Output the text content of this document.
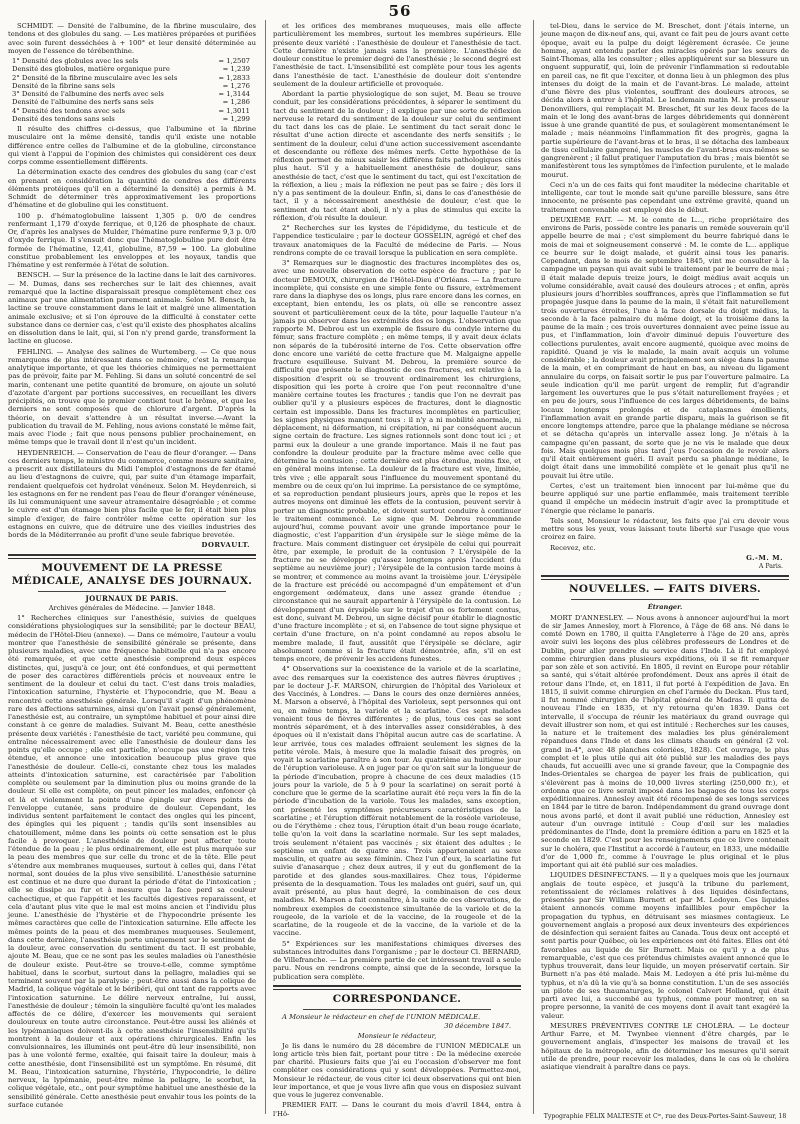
56

SCHMIDT. — Densité de l'albumine, de la fibrine musculaire, des tendons et des globules du sang. — Les matières préparées et purifiées avec soin furent desséchées à + 100° et leur densité déterminée au moyen de l'essence de térébenthine.

1° Densité des globules avec les sels	= 1,2507
Densité des globules, matière organique pure	= 1,239
2° Densité de la fibrine musculaire avec les sels	= 1,2833
Densité de la fibrine sans sels	= 1,276
3° Densité de l'albumine des nerfs avec sels	= 1,3144
Densité de l'albumine des nerfs sans sels	= 1,286
4° Densité des tendons avec sels	= 1,3011
Densité des tendons sans sels	= 1,299

Il résulte des chiffres ci-dessus, que l'albumine et la fibrine musculaire ont la même densité, tandis qu'il existe une notable différence entre celles de l'albumine et de la globuline, circonstance qui vient à l'appui de l'opinion des chimistes qui considèrent ces deux corps comme essentiellement différents.

La détermination exacte des cendres des globules du sang (car c'est en prenant en considération la quantité de cendres des différents éléments protéiques qu'il en a déterminé la densité) a permis à M. Schmidt de déterminer très approximativement les proportions d'hématine et de globuline qui les constituent.

100 p. d'hématoglobuline laissent 1,305 p. 0/0 de cendres renfermant 1,179 d'oxyde ferrique, et 0,126 de phosphate de chaux. Or, d'après les analyses de Mulder, l'hématine pure renferme 9,3 p. 0/0 d'oxyde ferrique. Il s'ensuit donc que l'hématoglobuline pure doit être formée de l'hématine, 12,41, globuline, 87,59 = 100. La globuline constitue probablement les enveloppes et les noyaux, tandis que l'hématine y est renfermée à l'état de solution.

BENSCH. — Sur la présence de la lactine dans le lait des carnivores. — M. Dumas, dans ses recherches sur le lait des chiennes, avait remarqué que la lactine disparaissait presque complètement chez ces animaux par une alimentation purement animale. Selon M. Bensch, la lactine se trouve constamment dans le lait et malgré une alimentation animale exclusive; et si l'on éprouve de la difficulté à constater cette substance dans ce dernier cas, c'est qu'il existe des phosphates alcalins en dissolution dans le lait, qui, si l'on n'y prend garde, transforment la lactine en glucose.

FEHLING. — Analyse des salines de Wurtemberg. — Ce que nous remarquons de plus intéressant dans ce mémoire, c'est la remarque analytique importante, et que les théories chimiques ne permettaient pas de prévoir, faite par M. Fehling. Si dans un soluté concentré de sel marin, contenant une petite quantité de bromure, on ajoute un soluté d'azotate d'argent par portions successives, en recueillant les divers précipités, on trouve que le premier contient tout le brôme, et que les derniers ne sont composés que de chlorure d'argent. D'après la théorie, on devait s'attendre à un résultat inverse.—Avant la publication du travail de M. Fehling, nous avions constaté le même fait, mais avec l'iode ; fait que nous pensons publier prochainement, en même temps que le travail dont il n'est qu'un incident.

HEYDENREICH. — Conservation de l'eau de fleur d'oranger. — Dans ces derniers temps, le ministre du commerce, comme mesure sanitaire, a prescrit aux distillateurs du Midi l'emploi d'estagnons de fer étamé au lieu d'estagnons de cuivre, qui, par suite d'un étamage imparfait, rendaient quelquefois cet hydrolat vénéneux. Selon M. Heydenreich, si les estagnons en fer ne rendent pas l'eau de fleur d'oranger vénéneuse, ils lui communiquent une saveur atramentaire désagréable ; et comme le cuivre est d'un étamage bien plus facile que le fer, il était bien plus simple d'exiger, de faire contrôler même cette opération sur les estagnons en cuivre, que de détruire une des vieilles industries des bords de la Méditerranée au profit d'une seule fabrique brevetée.

DORVAULT.
MOUVEMENT DE LA PRESSE MÉDICALE, ANALYSE DES JOURNAUX.
JOURNAUX DE PARIS.
Archives générales de Médecine. — Janvier 1848.

1° Recherches cliniques sur l'anesthésie, suivies de quelques considérations physiologiques sur la sensibilité; par le docteur BEAU, médecin de l'Hôtel-Dieu (annexe). — Dans ce mémoire, l'auteur a voulu montrer que l'anesthésie de sensibilité générale se présente, dans plusieurs maladies, avec une fréquence habituelle qui n'a pas encore été remarquée, et que cette anesthésie comprend deux espèces distinctes, qui, jusqu'à ce jour, ont été confondues, et qui permettent de poser des caractères différentiels précis et nouveaux entre le sentiment de la douleur et celui du tact. C'est dans trois maladies, l'intoxication saturnine, l'hystérie et l'hypocondrie, que M. Beau a rencontré cette anesthésie générale. Lorsqu'il s'agit d'un phénomène rare des affections saturnines, ainsi qu'on l'avait pensé généralement, l'anesthésie est, au contraire, un symptôme habituel et pour ainsi dire constant à ce genre de maladies. Suivant M. Beau, cette anesthésie présente deux variétés : l'anesthésie de tact, variété peu commune, qui entraîne nécessairement avec elle l'anesthésie de douleur dans les points qu'elle occupe ; elle est partielle, n'occupe pas une région très étendue, et annonce une intoxication beaucoup plus grave que l'anesthésie de douleur. Celle-ci, constante chez tous les malades atteints d'intoxication saturnine, est caractérisée par l'abolition complète ou seulement par la diminution plus ou moins grande de la douleur. Si elle est complète, on peut pincer les malades, enfoncer çà et là et violemment la pointe d'une épingle sur divers points de l'enveloppe cutanée, sans produire de douleur. Cependant, les individus sentent parfaitement le contact des ongles qui les pincent, des épingles qui les piquent ; tandis qu'ils sont insensibles au chatouillement, même dans les points où cette sensation est le plus facile à provoquer. L'anesthésie de douleur peut affecter toute l'étendue de la peau ; le plus ordinairement, elle est plus marquée sur la peau des membres que sur celle du tronc et de la tête. Elle peut s'étendre aux membranes muqueuses, surtout à celles qui, dans l'état normal, sont douées de la plus vive sensibilité. L'anesthésie saturnine est continue et ne dure que durant la période d'état de l'intoxication ; elle se dissipe au fur et à mesure que la face perd sa couleur cachectique, et que l'appétit et les facultés digestives reparaissent, et cela d'autant plus vite que le mal est moins ancien et l'individu plus jeune. L'anesthésie de l'hystérie et de l'hypocondrie présente les mêmes caractères que celle de l'intoxication saturnine. Elle affecte les mêmes points de la peau et des membranes muqueuses. Seulement, dans cette dernière, l'anesthésie porte uniquement sur le sentiment de la douleur, avec conservation du sentiment du tact. Il est probable, ajoute M. Beau, que ce ne sont pas les seules maladies où l'anesthésie de douleur existe. Peut-être se trouve-t-elle, comme symptôme habituel, dans le scorbut, surtout dans la pellagre, maladies qui se terminent souvent par la paralysie ; peut-être aussi dans la colique de Madrid, la colique végétale et le béribéri, qui ont tant de rapports avec l'intoxication saturnine. Le délire nerveux entraîne, lui aussi, l'anesthésie de douleur ; témoin la singulière faculté qu'ont les malades affectés de ce délire, d'exercer les mouvements qui seraient douloureux en toute autre circonstance. Peut-être aussi les aliénés et les lypémaniaques doivent-ils à cette anesthésie l'insensibilité qu'ils montrent à la douleur et aux opérations chirurgicales. Enfin les convulsionnaires, les illuminés ont peut-être dû leur insensibilité, non pas à une volonté ferme, exaltée, qui faisait taire la douleur, mais à cette anesthésie, dont l'insensibilité est un symptôme. En résumé, dit M. Beau, l'intoxication saturnine, l'hystérie, l'hypocondrie, le délire nerveux, la lypémanie, peut-être même la pellagre, le scorbut, la colique végétale, etc., ont pour symptôme habituel une anesthésie de la sensibilité générale. Cette anesthésie peut envahir tous les points de la surface cutanée

et les orifices des membranes muqueuses, mais elle affecte particulièrement les membres, surtout les membres supérieurs. Elle présente deux variété : l'anesthésie de douleur et l'anesthésie de tact. Cette dernière n'existe jamais sans la première. L'anesthésie de douleur constitue le premier degré de l'anesthésie ; le second degré est l'anesthésie de tact. L'insensibilité est complète pour tous les agents dans l'anesthésie de tact. L'anesthésie de douleur doit s'entendre seulement de la douleur artificielle et provoquée.

Abordant la partie physiologique de son sujet, M. Beau se trouve conduit, par les considérations précédentes, à séparer le sentiment du tact du sentiment de la douleur ; il explique par une sorte de réflexion nerveuse le retard du sentiment de la douleur sur celui du sentiment du tact dans les cas de plaie. Le sentiment du tact serait donc le résultat d'une action directe et ascendante des nerfs sensitifs ; le sentiment de la douleur, celui d'une action successivement ascendante et descendante ou réflexe des mêmes nerfs. Cette hypothèse de la réflexion permet de mieux saisir les différens faits pathologiques cités plus haut. S'il y a habituellement anesthésie de douleur, sans anesthésie de tact, c'est que le sentiment du tact, qui est l'excitation de la réflexion, a lieu ; mais la réflexion ne peut pas se faire ; dès lors il n'y a pas sentiment de la douleur. Enfin, si, dans le cas d'anesthésie de tact, il y a nécessairement anesthésie de douleur, c'est que le sentiment du tact étant aboli, il n'y a plus de stimulus qui excite la réflexion, d'où résulte la douleur.

2° Recherches sur les kystes de l'épididyme, du testicule et de l'appendice testiculaire ; par le docteur GOSSELIN, agrégé et chef des travaux anatomiques de la Faculté de médecine de Paris. — Nous rendrons compte de ce travail lorsque la publication en sera complète.

3° Remarques sur le diagnostic des fractures incomplètes des os, avec une nouvelle observation de cette espèce de fracture ; par le docteur DEMOUX, chirurgien de l'Hôtel-Dieu d'Orléans. — La fracture incomplète, qui consiste en une simple fente ou fissure, extrêmement rare dans la diaphyse des os longs, plus rare encore dans les cornes, en exceptant, bien entendu, les os plats, où elle se rencontre assez souvent et particulièrement ceux de la tête, pour laquelle l'auteur n'a jamais pu observer dans les extrémités des os longs. L'observation que rapporte M. Debrou est un exemple de fissure du condyle interne du fémur, sans fracture complète ; en même temps, il y avait deux éclats non séparés de la tubérosité interne de l'os. Cette observation offre donc encore une variété de cette fracture que M. Malgaigne appelle fracture esquilleuse. Suivant M. Debrou, la première source de difficulté que présente le diagnostic de ces fractures, est relative à la disposition d'esprit où se trouvent ordinairement les chirurgiens, disposition qui les porte à croire que l'on peut reconnaître d'une manière certaine toutes les fractures ; tandis que l'on ne devrait pas oublier qu'il y a plusieurs espèces de fractures, dont le diagnostic certain est impossible. Dans les fractures incomplètes en particulier, les signes physiques manquent tous : il n'y a ni mobilité anormale, ni déplacement, ni déformation, ni crépitation, ni par conséquent aucun signe certain de fracture. Les signes rationnels sont donc tout ici ; et parmi eux la douleur a une grande importance. Mais il ne faut pas confondre la douleur produite par la fracture même avec celle que détermine la contusion ; cette dernière est plus étendue, moins fixe, et en général moins intense. La douleur de la fracture est vive, limitée, très vive ; elle apparaît sous l'influence du mouvement spontané du membre ou de ceux qu'on lui imprime. La persistance de ce symptôme, et sa reproduction pendant plusieurs jours, après que le repos et les autres moyens ont diminué les effets de la contusion, peuvent servir à porter un diagnostic probable, et doivent surtout conduire à continuer le traitement commencé. Le signe que M. Debrou recommande aujourd'hui, comme pouvant avoir une grande importance pour le diagnostic, c'est l'apparition d'un érysipèle sur le siège même de la fracture. Mais comment distinguer cet érysipèle de celui qui pourrait être, par exemple, le produit de la contusion ? L'érysipèle de la fracture ne se développe qu'assez longtemps après l'accident (du septième au neuvième jour) ; l'érysipèle de la contusion tarde moins à se montrer, et commence au moins avant la troisième jour. L'érysipèle de la fracture est précédé ou accompagné d'un empâtement et d'un engorgement œdémateux, dans une assez grande étendue ; circonstance qui ne saurait appartenir à l'érysipèle de la contusion. Le développement d'un érysipèle sur le trajet d'un os fortement contus, est donc, suivant M. Debrou, un signe décisif pour établir le diagnostic d'une fracture incomplète ; et si, en l'absence de tout signe physique et certain d'une fracture, on n'a point condamné au repos absolu le membre malade, il faut, aussitôt que l'érysipèle se déclare, agir absolument comme si la fracture était démontrée, afin, s'il en est temps encore, de prévenir les accidens funestes.

4° Observations sur la coexistence de la variole et de la scarlatine, avec des remarques sur la coexistence des autres fièvres éruptives ; par le docteur J.-F. MARSON, chirurgien de l'hôpital des Varioleux et des Vaccinés, à Londres. — Dans le cours des onze dernières années, M. Marson a observé, à l'hôpital des Varioleux, sept personnes qui ont eu, en même temps, la variole et la scarlatine. Ces sept malades venaient tous de fièvres différentes ; de plus, tous ces cas se sont montrés séparément, et à des intervalles assez considérables, à des époques où il n'existait dans l'hôpital aucun autre cas de scarlatine. À leur arrivée, tous ces malades offraient seulement les signes de la petite vérole. Mais, à mesure que la maladie faisait des progrès, on voyait la scarlatine paraître à son tour. Au quatrième au huitième jour de l'éruption varioleuse. À en juger par ce qu'on sait sur la longueur de la période d'incubation, propre à chacune de ces deux maladies (15 jours pour la variole, de 5 à 9 pour la scarlatine) on serait porté à conclure que le germe de la scarlatine aurait été reçu vers la fin de la période d'incubation de la variole. Tous les malades, sans exception, ont présenté les symptômes précurseurs caractéristiques de la scarlatine ; et l'éruption différait notablement de la roséole varioleuse, ou de l'érythème : chez tous, l'éruption était d'un beau rouge écarlate, telle qu'on la voit dans la scarlatine normale. Sur les sept malades, trois seulement n'étaient pas vaccinés ; six étaient des adultes ; le septième un enfant de quatre ans. Trois appartenaient au sexe masculin, et quatre au sexe féminin. Chez l'un d'eux, la scarlatine fut suivie d'anasarque ; chez deux autres, il y eut du gonflement de la parotide et des glandes sous-maxillaires. Chez tous, l'épiderme présenta de la desquamation. Tous les malades ont guéri, sauf un, qui avait présenté, au plus haut degré, la combinaison de ces deux maladies. M. Marson a fait connaître, à la suite de ces observations, de nombreux exemples de coexistence simultanée de la variole et de la rougeole, de la variole et de la vaccine, de la rougeole et de la scarlatine, de la rougeole et de la vaccine, de la variole et de la vaccine.

5° Expériences sur les manifestations chimiques diverses des substances introduites dans l'organisme ; par le docteur Cl. BERNARD, de Villefranche. — La première partie de cet intéressant travail a seule paru. Nous en rendrons compte, ainsi que de la seconde, lorsque la publication sera complète.

CORRESPONDANCE.
A Monsieur le rédacteur en chef de l'UNION MÉDICALE.
30 décembre 1847.
Monsieur le rédacteur,

Je lis dans le numéro du 28 décembre de l'UNION MÉDICALE un long article très bien fait, portant pour titre : De la médecine exercée par charité. Plusieurs faits que j'ai eu l'occasion d'observer me font compléter ces considérations qui y sont développées. Permettez-moi, Monsieur le rédacteur, de vous citer ici deux observations qui ont bien leur importance, et que je vous livre afin que vous en disposiez suivant que vous le jugerez convenable.

PREMIER FAIT. — Dans le courant du mois d'avril 1844, entra à l'Hô-

tel-Dieu, dans le service de M. Breschet, dont j'étais interne, un jeune maçon de dix-neuf ans, qui, avant ce fait peu de jours avant cette époque, avait eu la pulpe du doigt légèrement écrasée. Ce jeune homme, ayant entendu parler des miracles opérés par les sœurs de Saint-Thomas, alla les consulter ; elles appliquèrent sur sa blessure un onguent suppuratif, qui, loin de prévenir l'inflammation si redoutable en pareil cas, ne fit que l'exciter, et donna lieu à un phlegmon des plus intenses du doigt de la main et de l'avant-bras. Le malade, atteint d'une fièvre des plus violentes, souffrant des douleurs atroces, se décida alors à entrer à l'hôpital. Le lendemain matin M. le professeur Denonvilliers, qui remplaçait M. Breschet, fit sur les deux faces de la main et le long des avant-bras de larges débridements qui donnèrent issue à une grande quantité de pus, et soulagèrent momentanément le malade ; mais néanmoins l'inflammation fit des progrès, gagna la partie supérieure de l'avant-bras et le bras, il se détacha des lambeaux de tissu cellulaire gangrené, les muscles de l'avant-bras eux-mêmes se gangrenèrent ; il fallut pratiquer l'amputation du bras ; mais bientôt se manifestèrent tous les symptômes de l'infection purulente, et le malade mourut.

Ceci n'a un de ces faits qui font mauditer la médecine charitable et intelligente, car tout le monde sait qu'une pareille blessure, sans être innocente, ne présente pas cependant une extrême gravité, quand un traitement convenable est employé dès le début.

DEUXIÈME FAIT. — M. le comte de L..., riche propriétaire des environs de Paris, possède contre les panaris un remède souverain qu'il appelle beurre de mai ; c'est simplement du beurre fabriqué dans le mois de mai et soigneusement conservé : M. le comte de L... applique ce beurre sur le doigt malade, et guérit ainsi tous les panaris. Cependant, dans le mois de septembre 1845, vint me consulter à la campagne un paysan qui avait subi le traitement par le beurre de mai ; il était malade depuis treize jours, le doigt médius avait acquis un volume considérable, avait causé des douleurs atroces ; et enfin, après plusieurs jours d'horribles souffrances, après que l'inflammation se fut propagée jusque dans la paume de la main, il s'était fait naturellement trois ouvertures étroites, l'une à la face dorsale du doigt médius, la seconde à la face palmaire du même doigt, et la troisième dans la paume de la main ; ces trois ouvertures donnaient avec peine issue au pus, et l'inflammation, loin d'avoir diminué depuis l'ouverture des collections purulentes, avait encore augmenté, quoique avec moins de rapidité. Quand je vis le malade, la main avait acquis un volume considérable ; la douleur avait principalement son siège dans la paume de la main, et en comprimant de haut en bas, au niveau du ligament annulaire du corps, on faisait sortir le pus par l'ouverture palmaire. La seule indication qu'il me parût urgent de remplir, fut d'agrandir largement les ouvertures que le pus s'était naturellement frayées ; et en peu de jours, sous l'influence de ces larges débridements, de bains locaux longtemps prolongés et de cataplasmes émollients, l'inflammation avait en grande partie disparu, mais la guérison se fit encore longtemps attendre, parce que la phalange médiane se nécrosa et se détacha qu'après un intervalle assez long. Je n'étais à la campagne qu'en passant, de sorte que je ne vis le malade que deux fois. Mais quelques mois plus tard j'eus l'occasion de le revoir alors qu'il était entièrement guéri. Il avait perdu sa phalange médiane, le doigt était dans une immobilité complète et le genait plus qu'il ne pouvait lui être utile.

Certes, c'est un traitement bien innocent par lui-même que du beurre appliqué sur une partie enflammée, mais traitement terrible quand il empêche un médecin instruit d'agir avec la promptitude et l'énergie que réclame le panaris.

Tels sont, Monsieur le rédacteur, les faits que j'ai cru devoir vous mettre sous les yeux, vous laissant toute liberté sur l'usage que vous croirez en faire.

Recevez, etc.

G.-M. M.
A Paris.
NOUVELLES. — FAITS DIVERS.
Étranger.

MORT D'ANNESLEY. — Nous avons à annoncer aujourd'hui la mort de sir James Annesley, mort à Florence, à l'âge de 68 ans. Né dans le comté Down en 1780, il quitta l'Angleterre à l'âge de 20 ans, après avoir suivi les leçons des plus célèbres professeurs de Londres et de Dublin, pour aller prendre du service dans l'Inde. Là il fut employé comme chirurgien dans plusieurs expéditions, où il se fit remarquer par son zèle et son activité. En 1805, il revint en Europe pour rétablir sa santé, qui s'était altérée profondément. Deux ans après il était de retour dans l'Inde, et, en 1811, il fut porté à l'expédition de Java. En 1815, il suivit comme chirurgien en chef l'armée du Deckan. Plus tard, il fut nommé chirurgien de l'hôpital général de Madras. Il quitta de nouveau l'Inde en 1835, et n'y retourna qu'en 1839. Dans cet intervalle, il s'occupa de réunir les matériaux du grand ouvrage qui devait illustrer son nom, et qui est intitulé : Recherches sur les causes, la nature et le traitement des maladies les plus généralement répandues dans l'Inde et dans les climats chauds en général (2 vol. grand in-4°, avec 48 planches coloriées, 1828). Cet ouvrage, le plus complet et le plus utile qui ait été publié sur les maladies des pays chauds, fut accueilli avec une si grande faveur, que la Compagnie des Indes-Orientales se chargea de payer les frais de publication, qui s'élevèrent pas à moins de 10,000 livres sterling (250,000 fr.), et ordonna que ce livre serait imposé dans les bagages de tous les corps expéditionnaires. Annesley avait été récompensé de ses longs services en 1844 par le titre de baron. Indépendamment du grand ouvrage dont nous avons parlé, et dont il avait publié une réduction, Annesley est auteur d'un ouvrage intitulé : Coup d'œil sur les maladies prédominantes de l'Inde, dont la première édition a paru en 1825 et la seconde en 1829. C'est pour les renseignements que ce livre contenait sur le choléra, que l'Institut a accordé à l'auteur, en 1833, une médaille d'or de 1,000 fr., comme à l'ouvrage le plus original et le plus important qui ait été publié sur ces maladies.

LIQUIDES DÉSINFECTANS. — Il y a quelques mois que les journaux anglais de toute espèce, et jusqu'à la tribune du parlement, retentissaient de réclames relatives à des liquides désinfectans, présentés par Sir William Burnett et par M. Ledoyen. Ces liquides étaient annoncés comme moyens infaillibles pour empêcher la propagation du typhus, en détruisant ses miasmes contagieux. Le gouvernement anglais a proposé aux deux inventeurs des expériences de désinfection qui seraient faites au Canada. Tous deux ont accepté et sont partis pour Québec, où les expériences ont été faites. Elles ont été favorables au liquide de Sir Burnett. Mais ce qu'il y a de plus remarquable, c'est que ces prétendus chimistes avaient annoncé que le typhus trouverait, dans leur liquide, un moyen préservatif certain. Sir Burnett n'a pas été malade. Mais M. Ledoyen a été pris lui-même du typhus, et n'a dû la vie qu'à sa bonne constitution. L'un de ses associés un pilote de ses thaumaturges, le colonel Calvert Holland, qui était parti avec lui, a succombé au typhus, comme pour montrer, en sa propre personne, la vanité de ces moyens dont il avait tant exagéré la valeur.

MESURES PRÉVENTIVES CONTRE LE CHOLÉRA. — Le docteur Arthur Farre, et M. Twynbee viennent d'être chargés, par le gouvernement anglais, d'inspecter les maisons de travail et les hôpitaux de la métropole, afin de déterminer les mesures qu'il serait utile de prendre, pour recevoir les malades, dans le cas où le choléra asiatique viendrait à paraître dans ce pays.

Typographie FÉLIX MALTESTE et Cⁱᵉ, rue des Deux-Portes-Saint-Sauveur, 18
